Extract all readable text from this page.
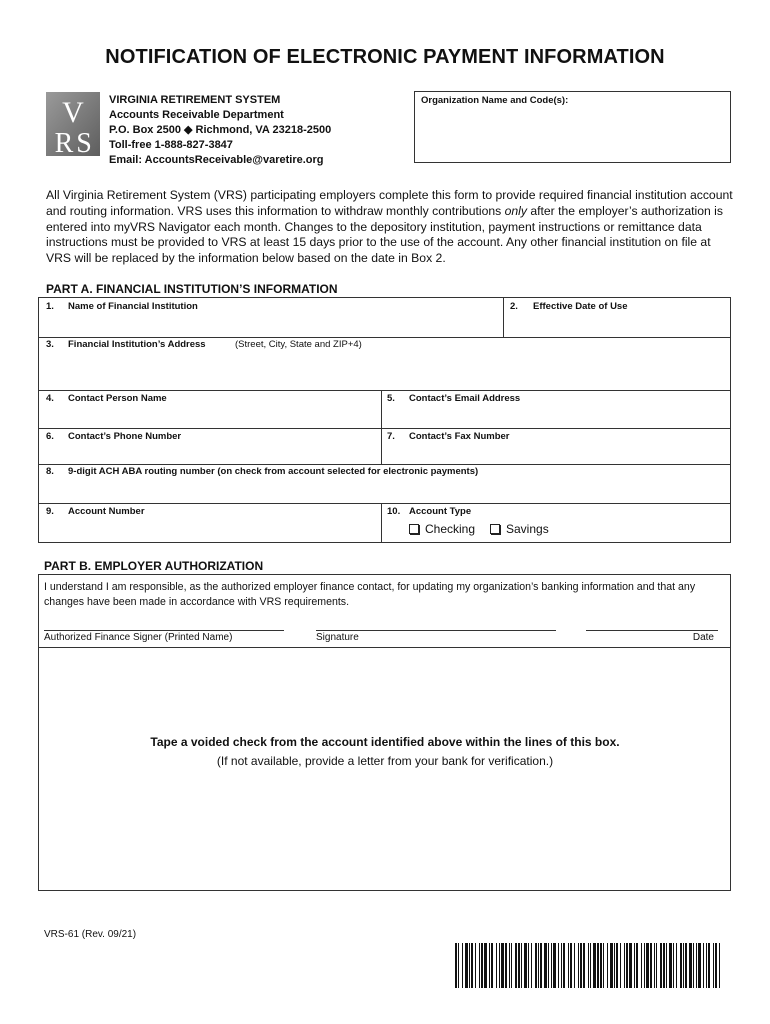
NOTIFICATION OF ELECTRONIC PAYMENT INFORMATION
V
R S
VIRGINIA RETIREMENT SYSTEM
Accounts Receivable Department
P.O. Box 2500 ◆ Richmond, VA 23218-2500
Toll-free 1-888-827-3847
Email: AccountsReceivable@varetire.org
Organization Name and Code(s):
All Virginia Retirement System (VRS) participating employers complete this form to provide required financial institution account and routing information. VRS uses this information to withdraw monthly contributions only after the employer’s authorization is entered into myVRS Navigator each month. Changes to the depository institution, payment instructions or remittance data instructions must be provided to VRS at least 15 days prior to the use of the account. Any other financial institution on file at VRS will be replaced by the information below based on the date in Box 2.
PART A. FINANCIAL INSTITUTION’S INFORMATION
1. Name of Financial Institution	2. Effective Date of Use
3. Financial Institution’s Address	(Street, City, State and ZIP+4)
4. Contact Person Name	5. Contact’s Email Address
6. Contact’s Phone Number	7. Contact’s Fax Number
8. 9-digit ACH ABA routing number (on check from account selected for electronic payments)
9. Account Number	10. Account Type
Checking	Savings
PART B. EMPLOYER AUTHORIZATION
I understand I am responsible, as the authorized employer finance contact, for updating my organization’s banking information and that any changes have been made in accordance with VRS requirements.
Authorized Finance Signer (Printed Name)	Signature	Date
Tape a voided check from the account identified above within the lines of this box.
(If not available, provide a letter from your bank for verification.)
VRS-61 (Rev. 09/21)
